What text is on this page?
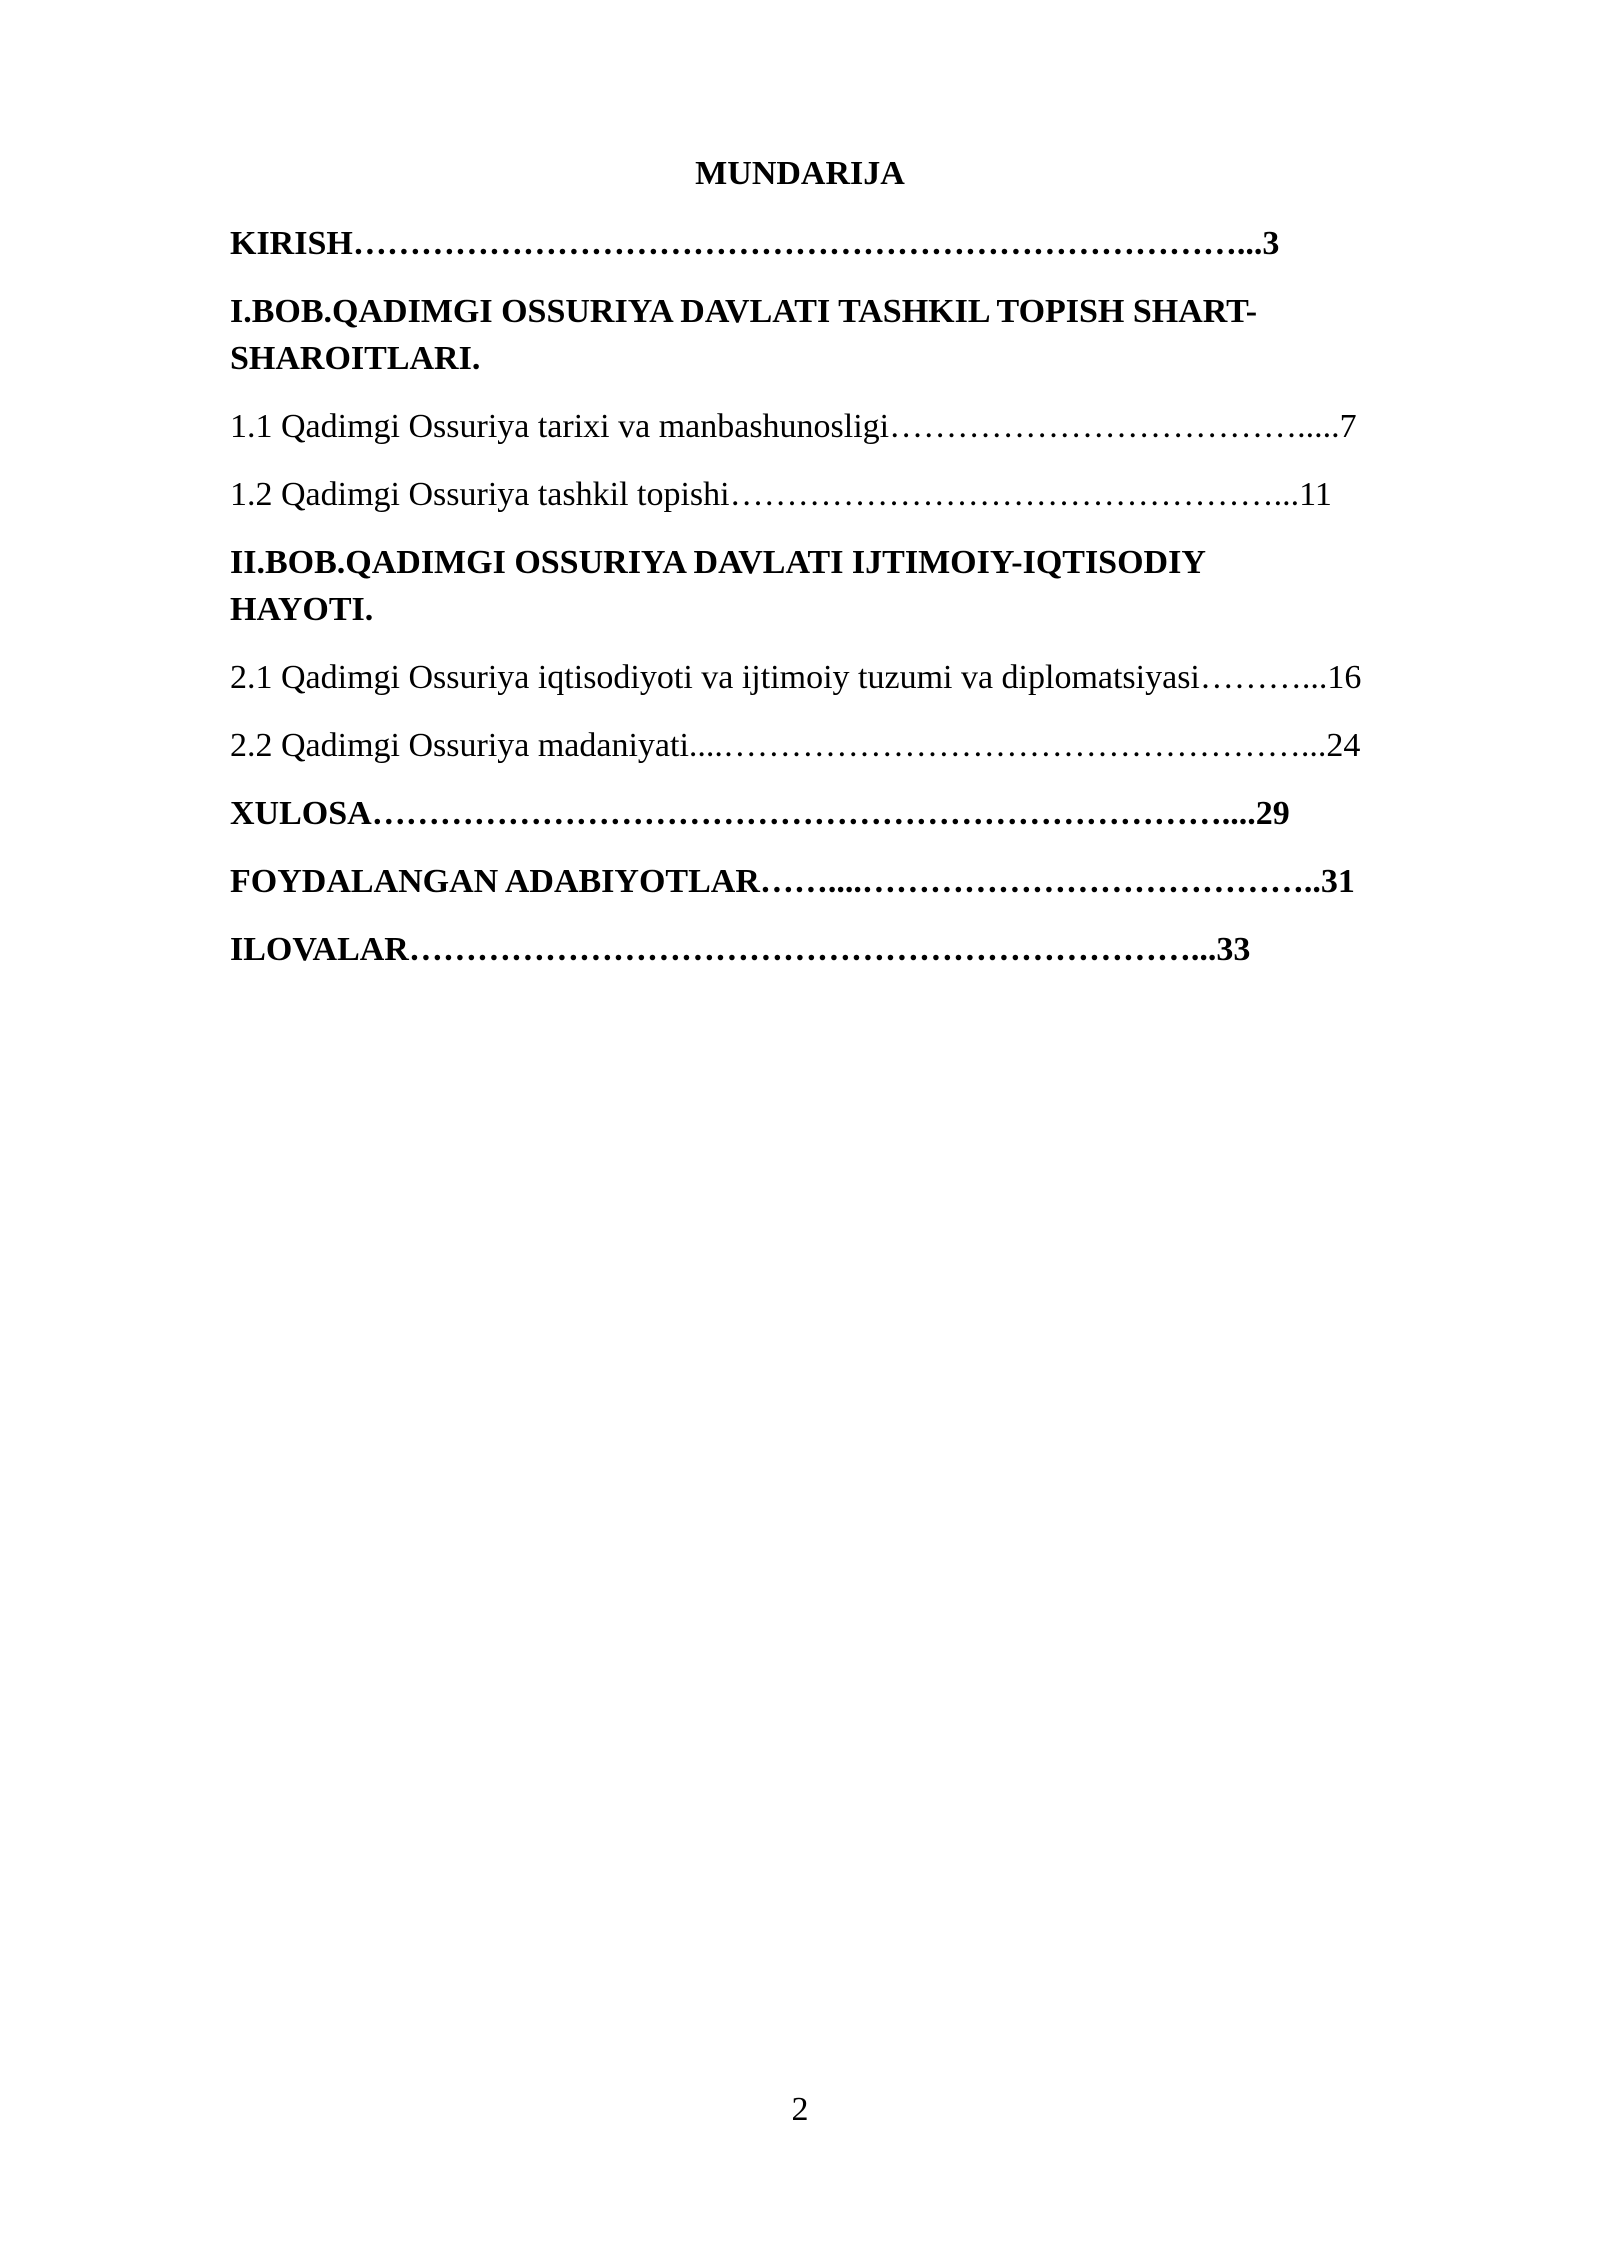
MUNDARIJA
KIRISH……………………………………………………………………...3
I.BOB.QADIMGI OSSURIYA DAVLATI TASHKIL TOPISH SHART-
SHAROITLARI.
1.1 Qadimgi Ossuriya tarixi va manbashunosligi……………………………….....7
1.2 Qadimgi Ossuriya tashkil topishi…………………………………………...11
II.BOB.QADIMGI OSSURIYA DAVLATI IJTIMOIY-IQTISODIY
HAYOTI.
2.1 Qadimgi Ossuriya iqtisodiyoti va ijtimoiy tuzumi va diplomatsiyasi………...16
2.2 Qadimgi Ossuriya madaniyati....……………………………………………...24
XULOSA…………………………………………………………………....29
FOYDALANGAN ADABIYOTLAR……....…………………………………..31
ILOVALAR……………………………………………………………...33
2
